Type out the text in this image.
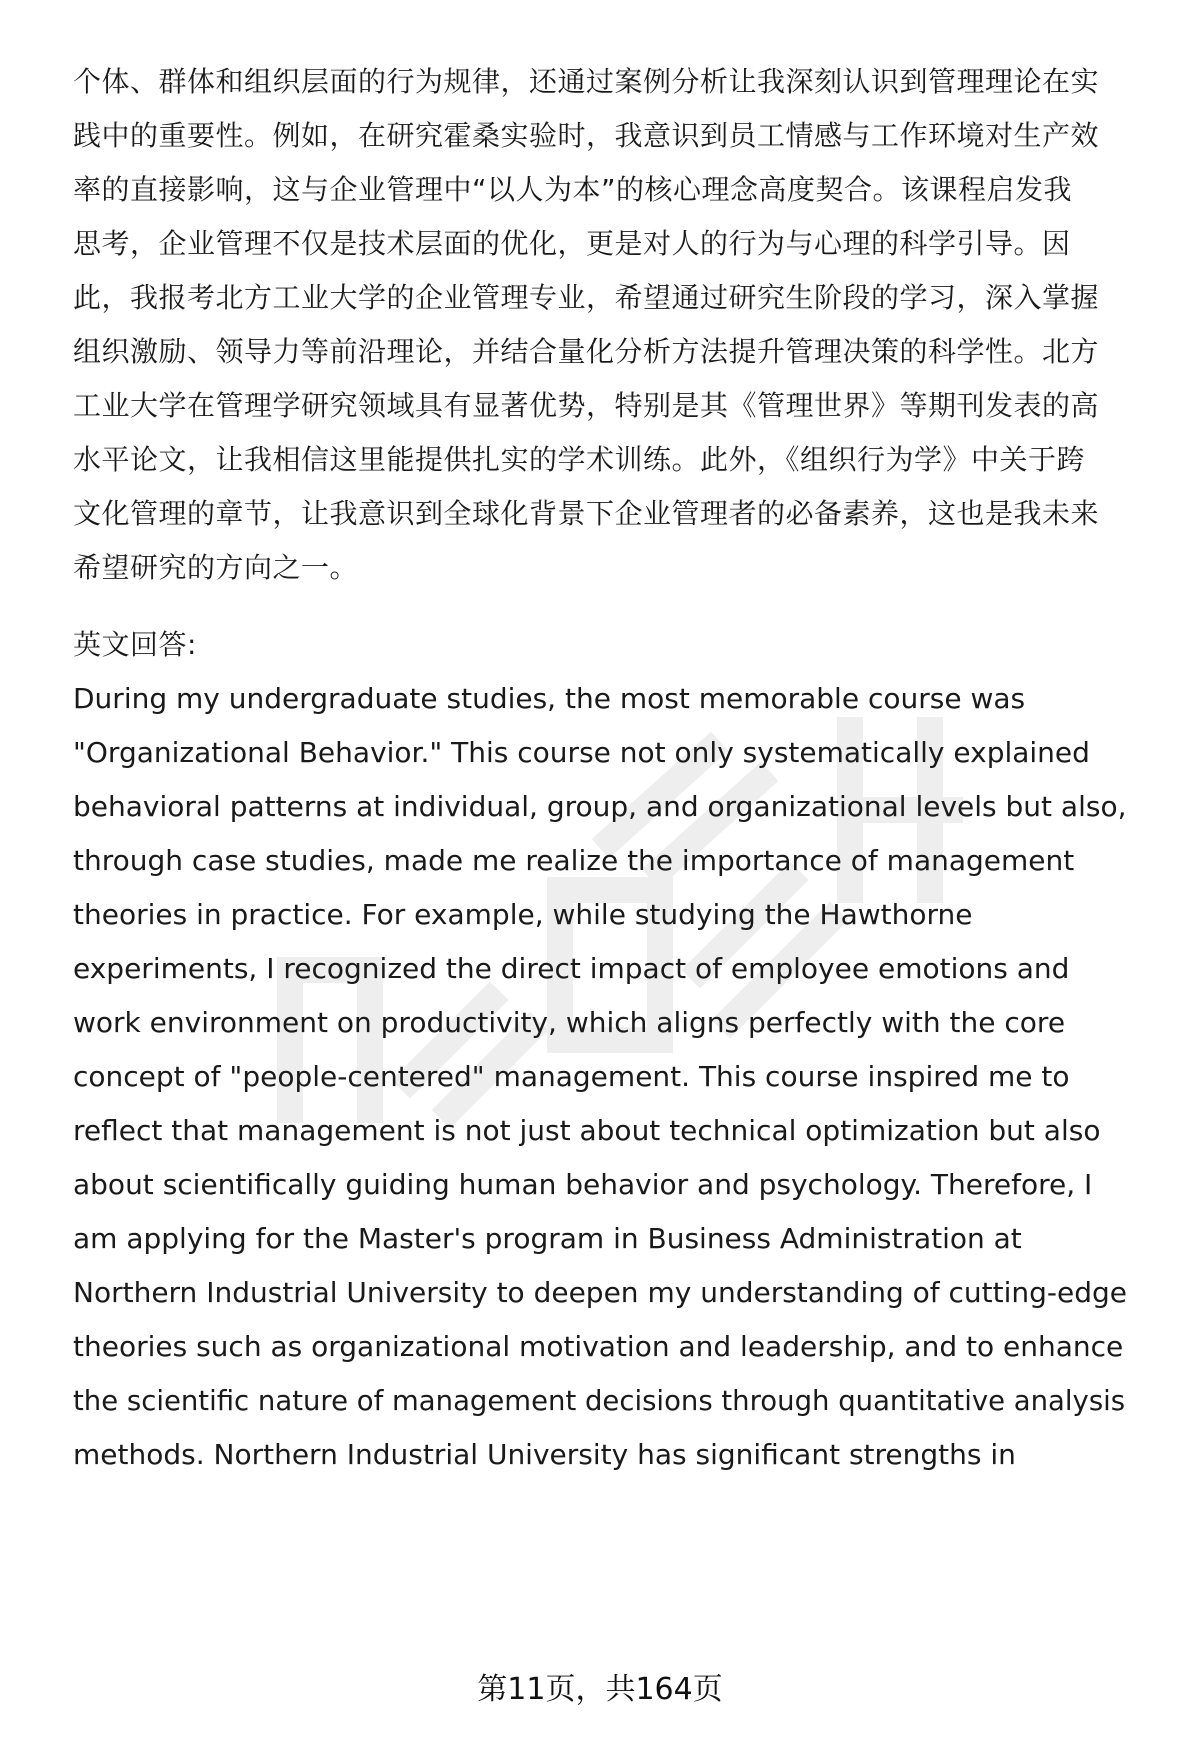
个体、群体和组织层面的行为规律，还通过案例分析让我深刻认识到管理理论在实
践中的重要性。例如，在研究霍桑实验时，我意识到员工情感与工作环境对生产效
率的直接影响，这与企业管理中“以人为本”的核心理念高度契合。该课程启发我
思考，企业管理不仅是技术层面的优化，更是对人的行为与心理的科学引导。因
此，我报考北方工业大学的企业管理专业，希望通过研究生阶段的学习，深入掌握
组织激励、领导力等前沿理论，并结合量化分析方法提升管理决策的科学性。北方
工业大学在管理学研究领域具有显著优势，特别是其《管理世界》等期刊发表的高
水平论文，让我相信这里能提供扎实的学术训练。此外，《组织行为学》中关于跨
文化管理的章节，让我意识到全球化背景下企业管理者的必备素养，这也是我未来
希望研究的方向之一。
英文回答:
During my undergraduate studies, the most memorable course was
"Organizational Behavior." This course not only systematically explained
behavioral patterns at individual, group, and organizational levels but also,
through case studies, made me realize the importance of management
theories in practice. For example, while studying the Hawthorne
experiments, I recognized the direct impact of employee emotions and
work environment on productivity, which aligns perfectly with the core
concept of "people-centered" management. This course inspired me to
reflect that management is not just about technical optimization but also
about scientifically guiding human behavior and psychology. Therefore, I
am applying for the Master's program in Business Administration at
Northern Industrial University to deepen my understanding of cutting-edge
theories such as organizational motivation and leadership, and to enhance
the scientific nature of management decisions through quantitative analysis
methods. Northern Industrial University has significant strengths in
第11页，共164页
